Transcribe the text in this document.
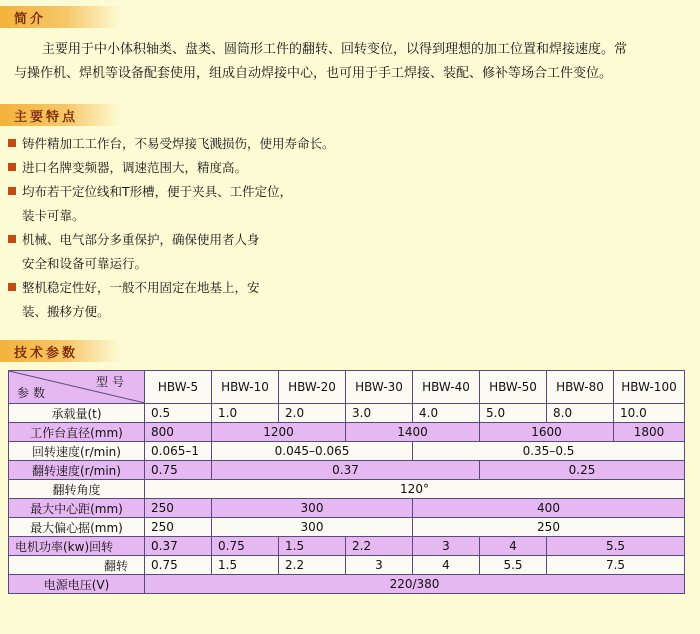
简介
主要用于中小体积轴类、盘类、圆筒形工件的翻转、回转变位，以得到理想的加工位置和焊接速度。常
与操作机、焊机等设备配套使用，组成自动焊接中心，也可用于手工焊接、装配、修补等场合工件变位。
主要特点
铸件精加工工作台，不易受焊接飞溅损伤，使用寿命长。
进口名牌变频器，调速范围大，精度高。
均布若干定位线和T形槽，便于夹具、工件定位，
装卡可靠。
机械、电气部分多重保护，确保使用者人身
安全和设备可靠运行。
整机稳定性好，一般不用固定在地基上，安
装、搬移方便。
技术参数
型号
参数	HBW-5	HBW-10	HBW-20	HBW-30	HBW-40	HBW-50	HBW-80	HBW-100
承载量(t)	0.5	1.0	2.0	3.0	4.0	5.0	8.0	10.0
工作台直径(mm)	800	1200		1400		1600		1800
回转速度(r/min)	0.065–1	0.045–0.065			0.35–0.5			
翻转速度(r/min)	0.75	0.37				0.25		
翻转角度	120°							
最大中心距(mm)	250	300			400			
最大偏心据(mm)	250	300			250			
电机功率(kw)回转	0.37	0.75	1.5	2.2	3	4	5.5	
翻转	0.75	1.5	2.2	3	4	5.5	7.5	
电源电压(V)	220/380							
